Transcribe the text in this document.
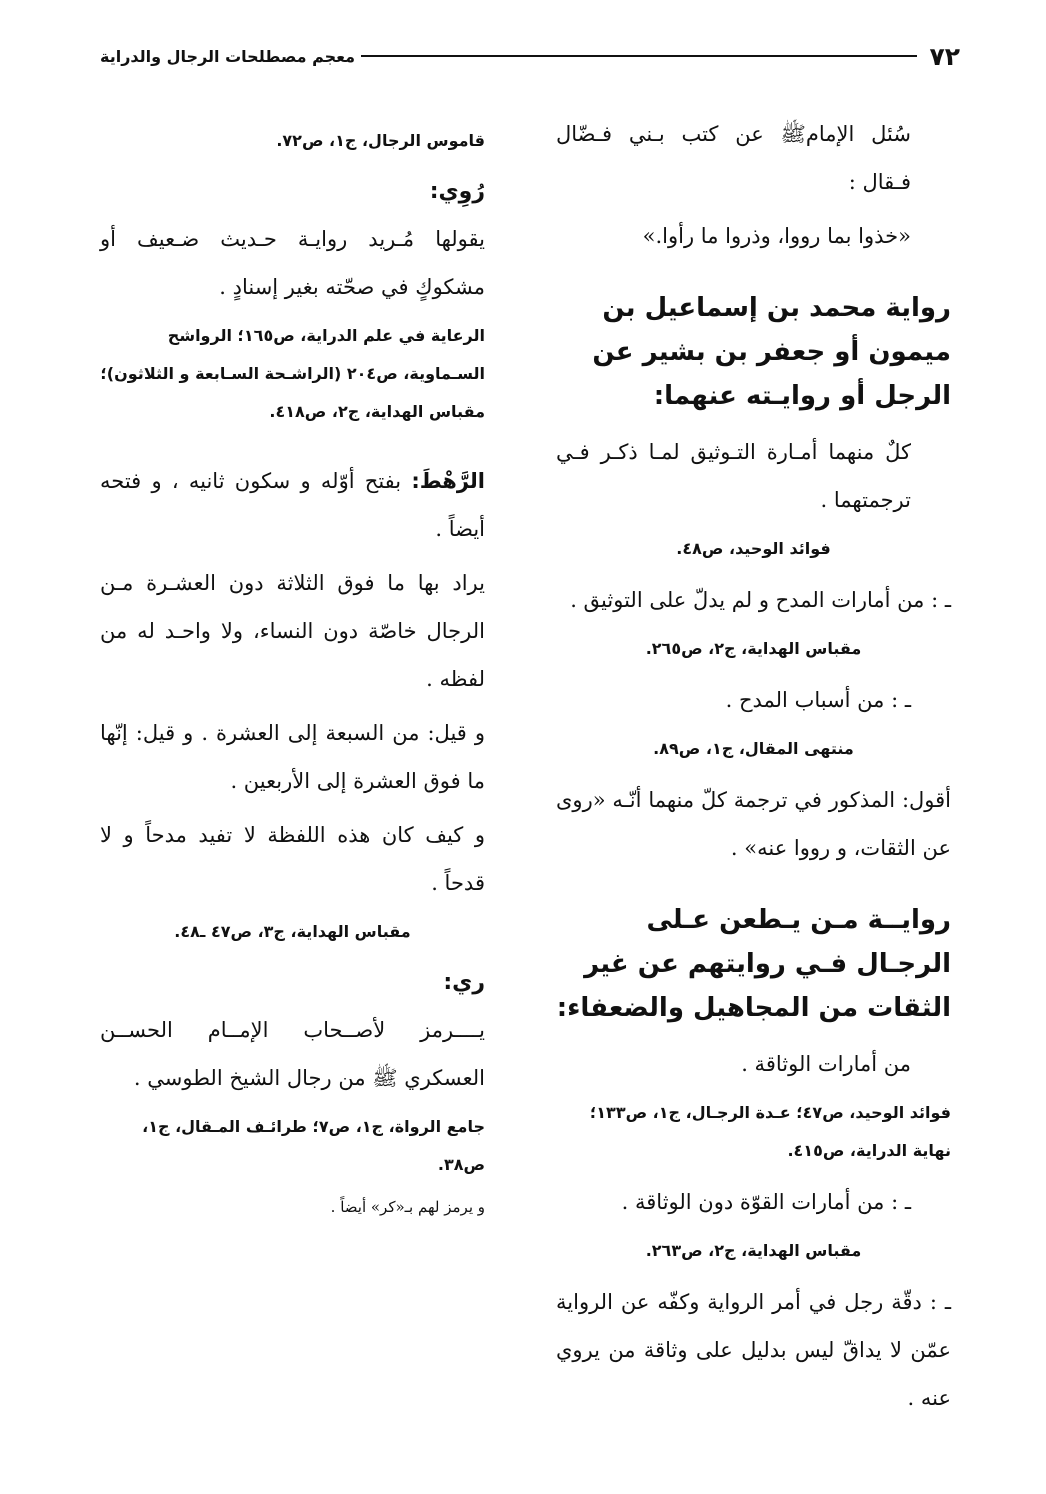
معجم مصطلحات الرجال والدراية	٧٢

سُئل الإمامﷺ عن كتب بـني فـضّال فـقال :

«خذوا بما رووا، وذروا ما رأوا.»

رواية محمد بن إسماعيل بن ميمون أو جعفر بن بشير عن الرجل أو روايـته عنهما:

كلٌ منهما أمـارة التـوثيق لمـا ذكـر فـي ترجمتهما .

فوائد الوحيد، ص٤٨.

ـ : من أمارات المدح و لم يدلّ على التوثيق .

مقباس الهداية، ج٢، ص٢٦٥.

ـ : من أسباب المدح .

منتهى المقال، ج١، ص٨٩.

أقول: المذكور في ترجمة كلّ منهما أنّـه «روى عن الثقات، و رووا عنه» .

روايــة مـن يـطعن عـلى الرجـال فـي روايتهم عن غير الثقات من المجاهيل والضعفاء:

من أمارات الوثاقة .

فوائد الوحيد، ص٤٧؛ عـدة الرجـال، ج١، ص١٣٣؛ نهاية الدراية، ص٤١٥.

ـ : من أمارات القوّة دون الوثاقة .

مقباس الهداية، ج٢، ص٢٦٣.

ـ : دقّة رجل في أمر الرواية وكفّه عن الرواية عمّن لا يداقّ ليس بدليل على وثاقة من يروي عنه .

قاموس الرجال، ج١، ص٧٢.

رُوِي:

يقولها مُـريد روايـة حـديث ضـعيف أو مشكوكٍ في صحّته بغير إسنادٍ .

الرعاية في علم الدراية، ص١٦٥؛ الرواشح السـماوية، ص٢٠٤ (الراشـحة السـابعة و الثلاثون)؛ مقباس الهداية، ج٢، ص٤١٨.

الرَّهْطَ: بفتح أوّله و سكون ثانيه ، و فتحه أيضاً .

يراد بها ما فوق الثلاثة دون العشـرة مـن الرجال خاصّة دون النساء، ولا واحـد له من لفظه .

و قيل: من السبعة إلى العشرة . و قيل: إنّها ما فوق العشرة إلى الأربعين .

و كيف كان هذه اللفظة لا تفيد مدحاً و لا قدحاً .

مقباس الهداية، ج٣، ص٤٧ ـ٤٨.

ري:

يــــرمز لأصــحاب الإمــام الحســن العسكري ﷺ من رجال الشيخ الطوسي .

جامع الرواة، ج١، ص٧؛ طرائـف المـقال، ج١، ص٣٨.

و يرمز لهم بـ«كر» أيضاً .
